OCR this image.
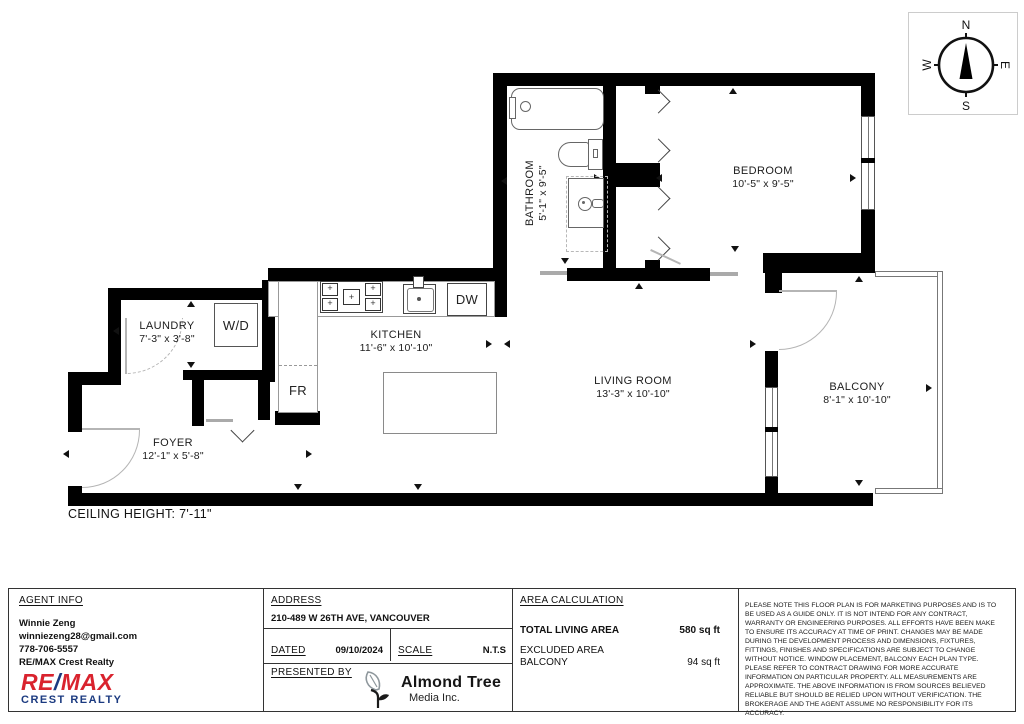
FR
+
+
+
+
+	DW
W/D
BATHROOM 5'-1" x 9'-5"	BEDROOM
10'-5" x 9'-5"
LAUNDRY
7'-3" x 3'-8"	KITCHEN
11'-6" x 10'-10"
LIVING ROOM
13'-3" x 10'-10"
BALCONY
8'-1" x 10'-10"
FOYER
12'-1" x 5'-8"
CEILING HEIGHT: 7'-11"
N
S
W	E
AGENT INFO
Winnie Zeng
winniezeng28@gmail.com
778-706-5557
RE/MAX Crest Realty
RE/MAX
CREST REALTY
ADDRESS
210-489 W 26TH AVE, VANCOUVER
DATED	09/10/2024 SCALE	N.T.S
PRESENTED BY
Almond Tree
Media Inc.
AREA CALCULATION
TOTAL LIVING AREA	580 sq ft
EXCLUDED AREA
BALCONY	94 sq ft
PLEASE NOTE THIS FLOOR PLAN IS FOR MARKETING PURPOSES AND IS TO BE USED AS A GUIDE ONLY. IT IS NOT INTEND FOR ANY CONTRACT, WARRANTY OR ENGINEERING PURPOSES. ALL EFFORTS HAVE BEEN MAKE TO ENSURE ITS ACCURACY AT TIME OF PRINT. CHANGES MAY BE MADE DURING THE DEVELOPMENT PROCESS AND DIMENSIONS, FIXTURES, FITTINGS, FINISHES AND SPECIFICATIONS ARE SUBJECT TO CHANGE WITHOUT NOTICE. WINDOW PLACEMENT, BALCONY EACH PLAN TYPE. PLEASE REFER TO CONTRACT DRAWING FOR MORE ACCURATE INFORMATION ON PARTICULAR PROPERTY. ALL MEASUREMENTS ARE APPROXIMATE. THE ABOVE INFORMATION IS FROM SOURCES BELIEVED RELIABLE BUT SHOULD BE RELIED UPON WITHOUT VERIFICATION. THE BROKERAGE AND THE AGENT ASSUME NO RESPONSIBILITY FOR ITS ACCURACY.
